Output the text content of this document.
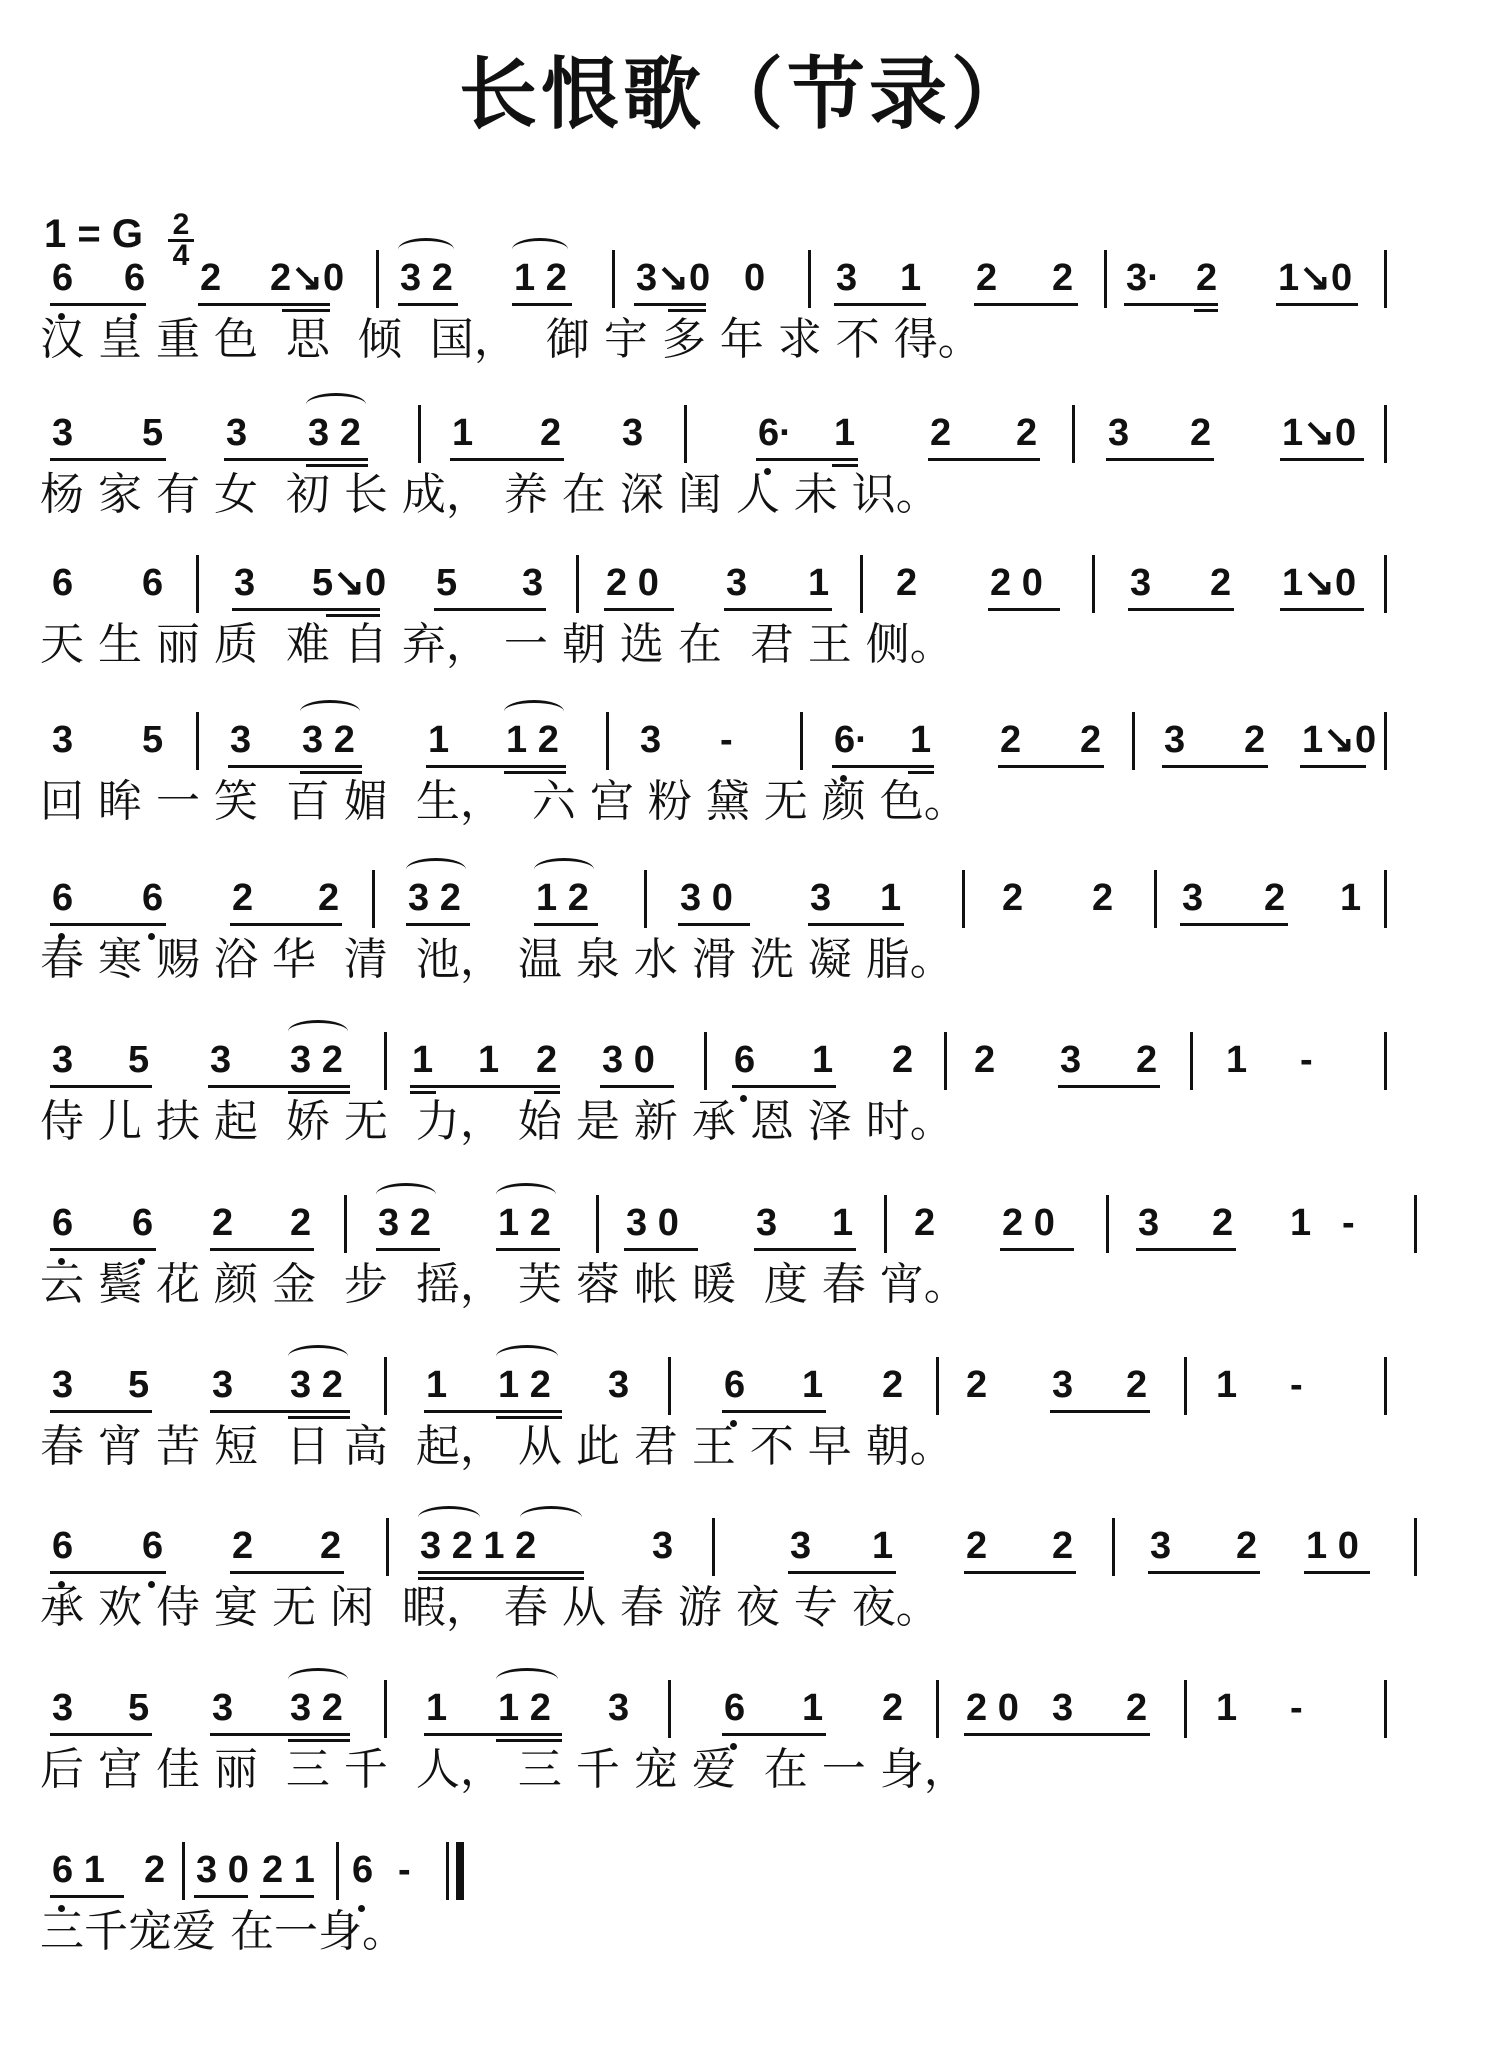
长恨歌（节录）
1 = G 2
4
6 6 2 2↘0 3 2 1 2 3↘0 0 3 1 2 2 3· 2 1↘0
汉 皇 重 色  思  倾  国，  御 宇 多 年 求 不 得。
3 5 3 3 2 1 2 3	6· 1 2 2 3 2 1↘0
杨 家 有 女  初 长 成， 养 在 深 闺 人 未 识。
6 6 3 5↘0 5 3 2 0 3 1 2 2 0 3 2 1↘0
天 生 丽 质  难 自 弃， 一 朝 选 在  君 王 侧。
3 5 3 3 2 1 1 2 3 -	6· 1 2 2 3 2 1↘0
回 眸 一 笑  百 媚  生，  六 宫 粉 黛 无 颜 色。
6 6 2 2 3 2 1 2 3 0 3 1	2 2 3 2 1
春 寒 赐 浴 华  清  池， 温 泉 水 滑 洗 凝 脂。
3 5 3 3 2 1 1 2 3 0 6 1 2 2 3 2 1 -
侍 儿 扶 起  娇 无  力， 始 是 新 承 恩 泽 时。
6 6 2 2 3 2 1 2 3 0 3 1 2 2 0 3 2 1 -
云 鬓 花 颜 金  步  摇， 芙 蓉 帐 暖  度 春 宵。
3 5 3 3 2 1 1 2 3 6 1 2 2 3 2 1 -
春 宵 苦 短  日 高  起， 从 此 君 王 不 早 朝。
6 6 2 2 3 2 1 2	3	3 1 2 2 3 2 1 0
承 欢 侍 宴 无 闲  暇， 春 从 春 游 夜 专 夜。
3 5 3 3 2 1 1 2 3 6 1 2 2 0 3 2 1 -
后 宫 佳 丽  三 千  人， 三 千 宠 爱  在 一 身，
6 1 2 3 0 2 1 6 -
三千宠爱 在一身。
